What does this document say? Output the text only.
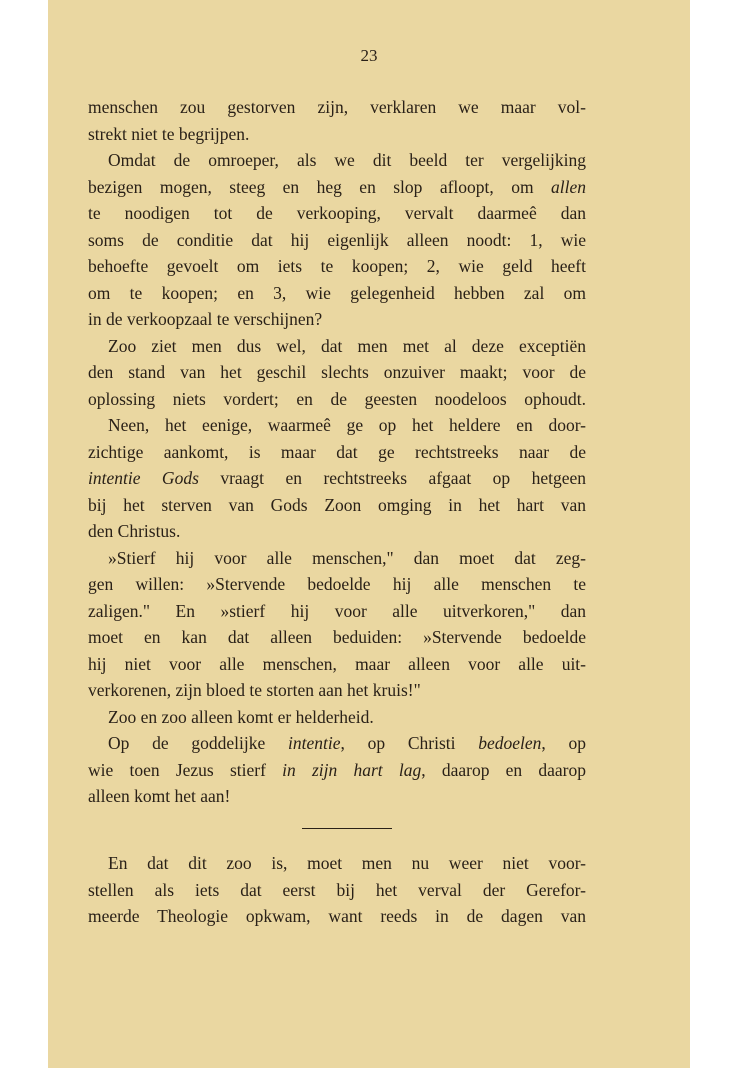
23
menschen zou gestorven zijn, verklaren we maar vol-
strekt niet te begrijpen.
Omdat de omroeper, als we dit beeld ter vergelijking
bezigen mogen, steeg en heg en slop afloopt, om allen
te noodigen tot de verkooping, vervalt daarmeê dan
soms de conditie dat hij eigenlijk alleen noodt: 1, wie
behoefte gevoelt om iets te koopen; 2, wie geld heeft
om te koopen; en 3, wie gelegenheid hebben zal om
in de verkoopzaal te verschijnen?
Zoo ziet men dus wel, dat men met al deze exceptiën
den stand van het geschil slechts onzuiver maakt; voor de
oplossing niets vordert; en de geesten noodeloos ophoudt.
Neen, het eenige, waarmeê ge op het heldere en door-
zichtige aankomt, is maar dat ge rechtstreeks naar de
intentie Gods vraagt en rechtstreeks afgaat op hetgeen
bij het sterven van Gods Zoon omging in het hart van
den Christus.
»Stierf hij voor alle menschen," dan moet dat zeg-
gen willen: »Stervende bedoelde hij alle menschen te
zaligen." En »stierf hij voor alle uitverkoren," dan
moet en kan dat alleen beduiden: »Stervende bedoelde
hij niet voor alle menschen, maar alleen voor alle uit-
verkorenen, zijn bloed te storten aan het kruis!"
Zoo en zoo alleen komt er helderheid.
Op de goddelijke intentie, op Christi bedoelen, op
wie toen Jezus stierf in zijn hart lag, daarop en daarop
alleen komt het aan!
En dat dit zoo is, moet men nu weer niet voor-
stellen als iets dat eerst bij het verval der Gerefor-
meerde Theologie opkwam, want reeds in de dagen van
